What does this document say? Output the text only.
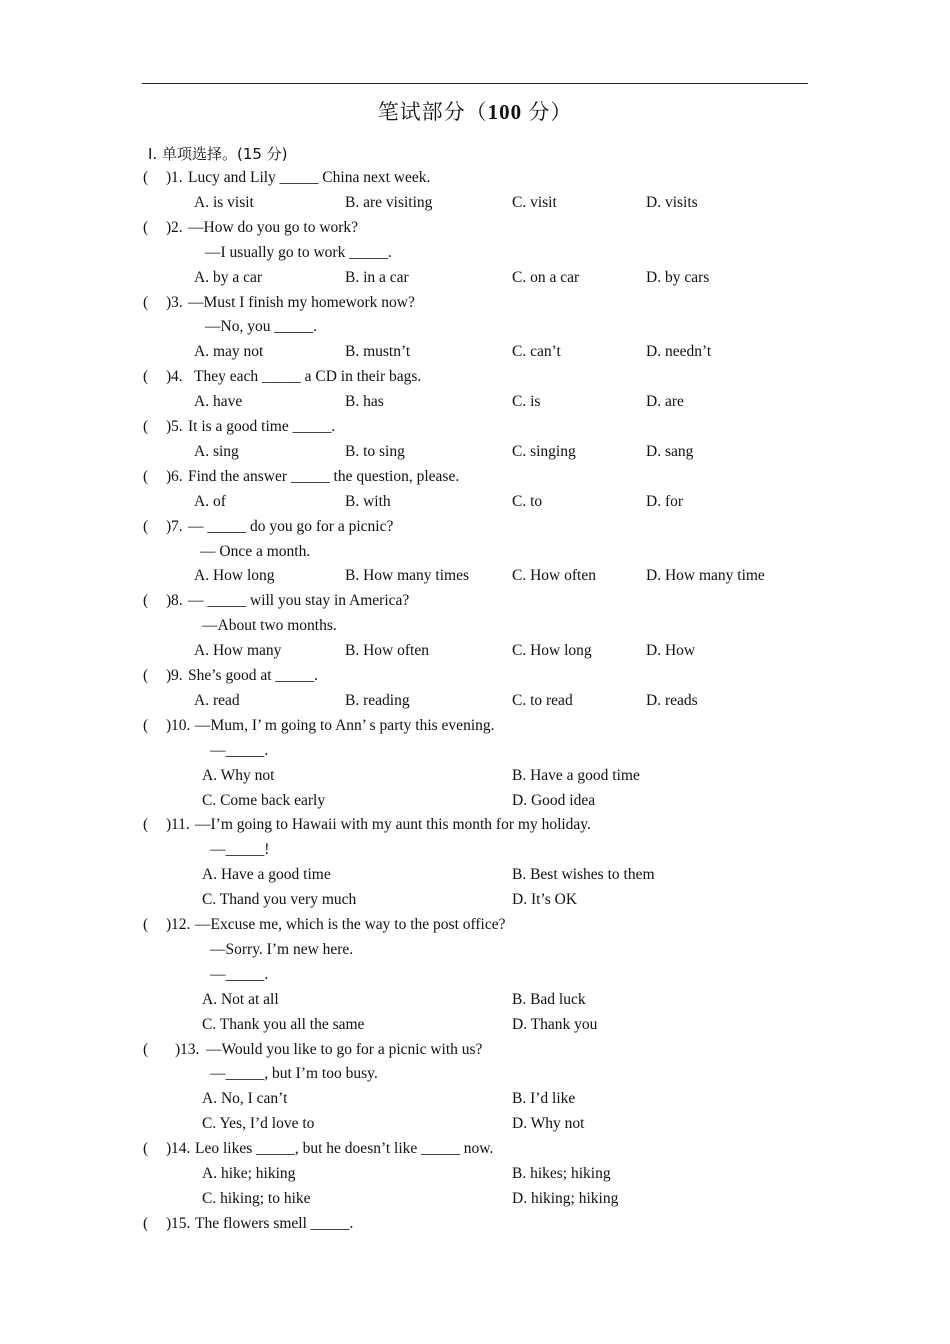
笔试部分（100 分）
Ⅰ. 单项选择。(15 分)
( ) 1. Lucy and Lily _____ China next week.
A. is visit	B. are visiting	C. visit	D. visits
( ) 2. —How do you go to work?
—I usually go to work _____.
A. by a car	B. in a car	C. on a car	D. by cars
( ) 3. —Must I finish my homework now?
—No, you _____.
A. may not	B. mustn’t	C. can’t	D. needn’t
( ) 4. They each _____ a CD in their bags.
A. have	B. has	C. is	D. are
( ) 5. It is a good time _____.
A. sing	B. to sing	C. singing	D. sang
( ) 6. Find the answer _____ the question, please.
A. of	B. with	C. to	D. for
( ) 7. — _____ do you go for a picnic?
— Once a month.
A. How long	B. How many times	C. How often	D. How many time
( ) 8. — _____ will you stay in America?
—About two months.
A. How many	B. How often	C. How long	D. How
( ) 9. She’s good at _____.
A. read	B. reading	C. to read	D. reads
( ) 10. —Mum, I’ m going to Ann’ s party this evening.
—_____.
A. Why not	B. Have a good time
C. Come back early	D. Good idea
( ) 11. —I’m going to Hawaii with my aunt this month for my holiday.
—_____!
A. Have a good time	B. Best wishes to them
C. Thand you very much	D. It’s OK
( ) 12. —Excuse me, which is the way to the post office?
—Sorry. I’m new here.
—_____.
A. Not at all	B. Bad luck
C. Thank you all the same	D. Thank you
( ) 13. —Would you like to go for a picnic with us?
—_____, but I’m too busy.
A. No, I can’t	B. I’d like
C. Yes, I’d love to	D. Why not
( ) 14. Leo likes _____, but he doesn’t like _____ now.
A. hike; hiking	B. hikes; hiking
C. hiking; to hike	D. hiking; hiking
( ) 15. The flowers smell _____.
